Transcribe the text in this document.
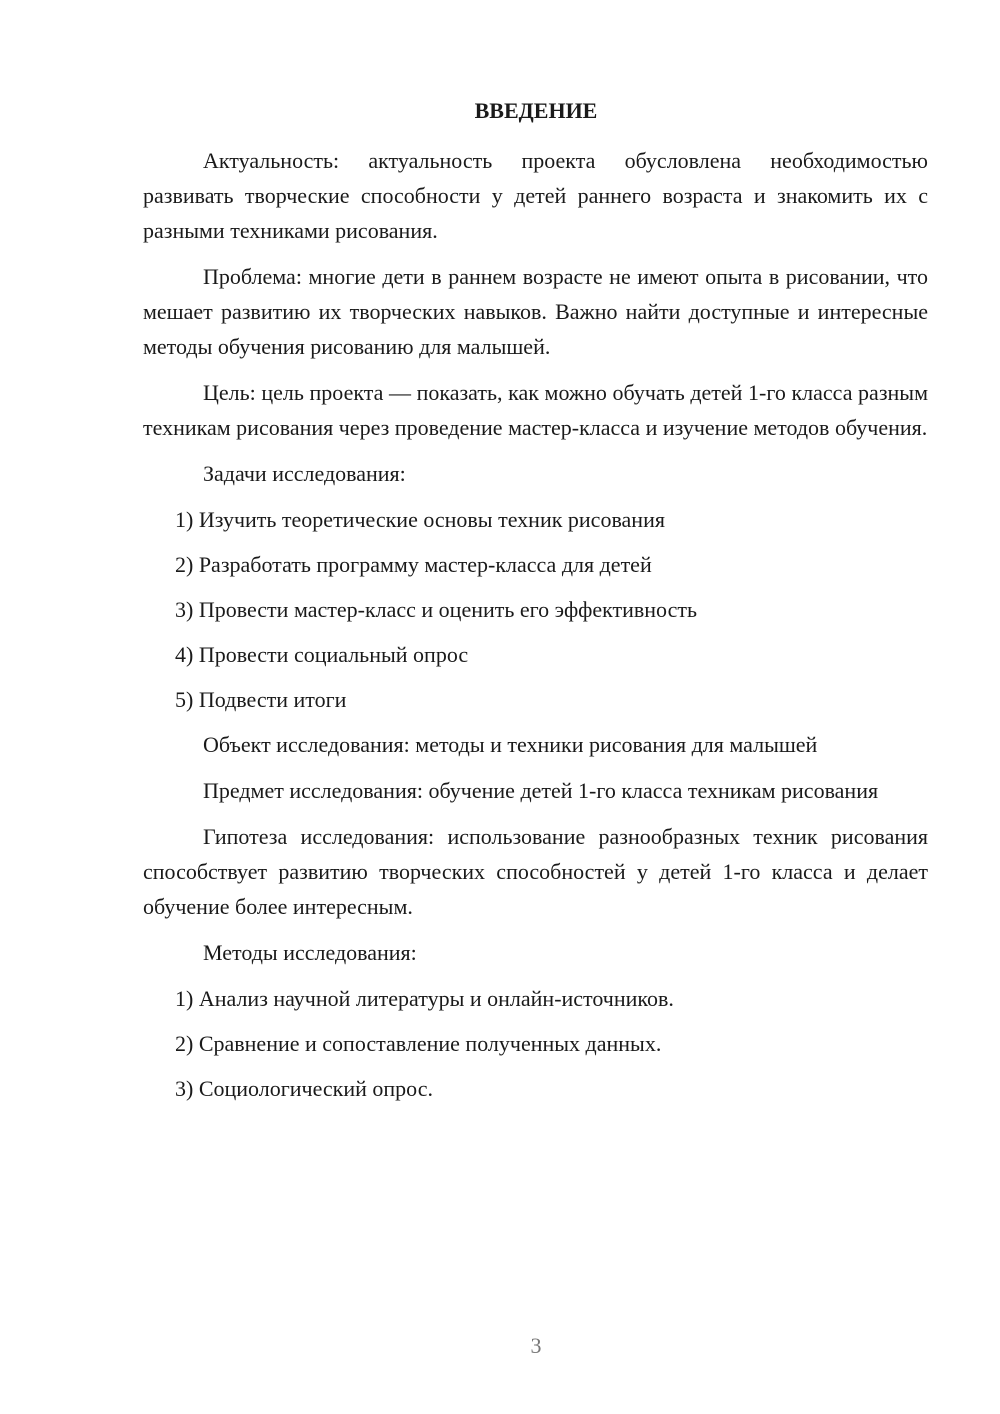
ВВЕДЕНИЕ

Актуальность: актуальность проекта обусловлена необходимостью развивать творческие способности у детей раннего возраста и знакомить их с разными техниками рисования.

Проблема: многие дети в раннем возрасте не имеют опыта в рисовании, что мешает развитию их творческих навыков. Важно найти доступные и интересные методы обучения рисованию для малышей.

Цель: цель проекта — показать, как можно обучать детей 1-го класса разным техникам рисования через проведение мастер-класса и изучение методов обучения.

Задачи исследования:

1) Изучить теоретические основы техник рисования

2) Разработать программу мастер-класса для детей

3) Провести мастер-класс и оценить его эффективность

4) Провести социальный опрос

5) Подвести итоги

Объект исследования: методы и техники рисования для малышей

Предмет исследования: обучение детей 1-го класса техникам рисования

Гипотеза исследования: использование разнообразных техник рисования способствует развитию творческих способностей у детей 1-го класса и делает обучение более интересным.

Методы исследования:

1) Анализ научной литературы и онлайн-источников.

2) Сравнение и сопоставление полученных данных.

3) Социологический опрос.

3
